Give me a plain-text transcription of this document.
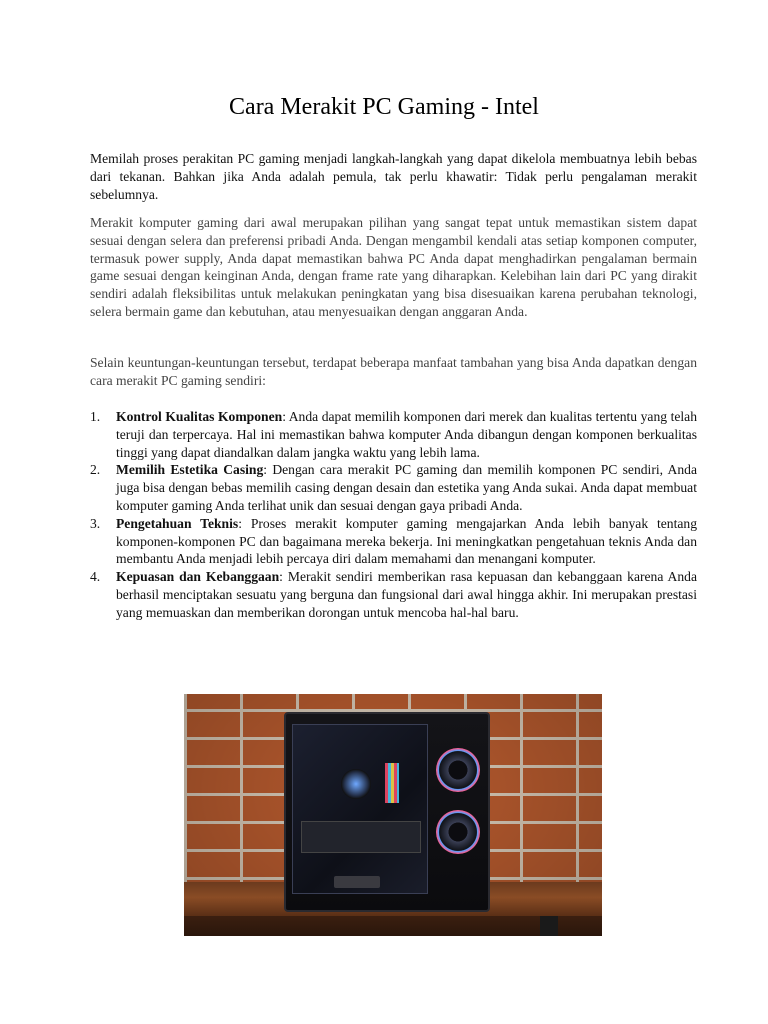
Cara Merakit PC Gaming - Intel

Memilah proses perakitan PC gaming menjadi langkah-langkah yang dapat dikelola membuatnya lebih bebas dari tekanan. Bahkan jika Anda adalah pemula, tak perlu khawatir: Tidak perlu pengalaman merakit sebelumnya.

Merakit komputer gaming dari awal merupakan pilihan yang sangat tepat untuk memastikan sistem dapat sesuai dengan selera dan preferensi pribadi Anda. Dengan mengambil kendali atas setiap komponen computer, termasuk power supply, Anda dapat memastikan bahwa PC Anda dapat menghadirkan pengalaman bermain game sesuai dengan keinginan Anda, dengan frame rate yang diharapkan. Kelebihan lain dari PC yang dirakit sendiri adalah fleksibilitas untuk melakukan peningkatan yang bisa disesuaikan karena perubahan teknologi, selera bermain game dan kebutuhan, atau menyesuaikan dengan anggaran Anda.

Selain keuntungan-keuntungan tersebut, terdapat beberapa manfaat tambahan yang bisa Anda dapatkan dengan cara merakit PC gaming sendiri:

1. Kontrol Kualitas Komponen: Anda dapat memilih komponen dari merek dan kualitas tertentu yang telah teruji dan terpercaya. Hal ini memastikan bahwa komputer Anda dibangun dengan komponen berkualitas tinggi yang dapat diandalkan dalam jangka waktu yang lebih lama.
2. Memilih Estetika Casing: Dengan cara merakit PC gaming dan memilih komponen PC sendiri, Anda juga bisa dengan bebas memilih casing dengan desain dan estetika yang Anda sukai. Anda dapat membuat komputer gaming Anda terlihat unik dan sesuai dengan gaya pribadi Anda.
3. Pengetahuan Teknis: Proses merakit komputer gaming mengajarkan Anda lebih banyak tentang komponen-komponen PC dan bagaimana mereka bekerja. Ini meningkatkan pengetahuan teknis Anda dan membantu Anda menjadi lebih percaya diri dalam memahami dan menangani komputer.
4. Kepuasan dan Kebanggaan: Merakit sendiri memberikan rasa kepuasan dan kebanggaan karena Anda berhasil menciptakan sesuatu yang berguna dan fungsional dari awal hingga akhir. Ini merupakan prestasi yang memuaskan dan memberikan dorongan untuk mencoba hal-hal baru.
